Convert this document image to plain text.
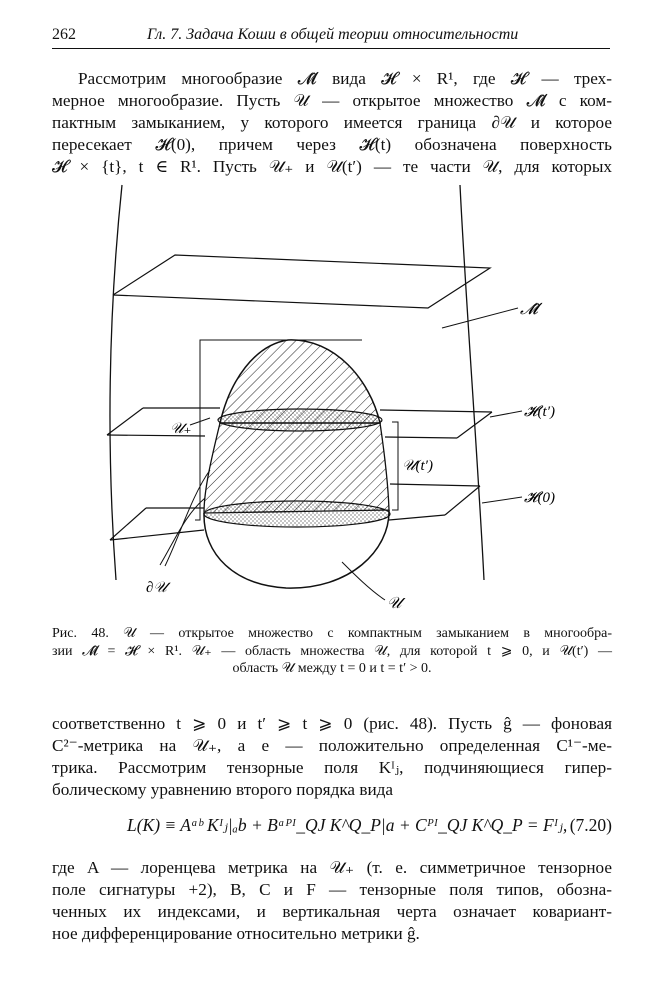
262	Гл. 7. Задача Коши в общей теории относительности
Рассмотрим многообразие 𝓜̂ вида 𝓗 × R¹, где 𝓗 — трех-
мерное многообразие. Пусть 𝒰 — открытое множество 𝓜̂ с ком-
пактным замыканием, у которого имеется граница ∂𝒰 и которое
пересекает 𝓗(0), причем через 𝓗(t) обозначена поверхность
𝓗 × {t}, t ∈ R¹. Пусть 𝒰₊ и 𝒰(t′) — те части 𝒰, для которых
𝓜̂
𝓗(t′)
𝓗(0)
𝒰(t′)
𝒰₊
∂𝒰
𝒰
Рис. 48. 𝒰 — открытое множество с компактным замыканием в многообра-
зии 𝓜̂ = 𝓗 × R¹. 𝒰₊ — область множества 𝒰, для которой t ⩾ 0, и 𝒰(t′) —
область 𝒰 между t = 0 и t = t′ > 0.
соответственно t ⩾ 0 и t′ ⩾ t ⩾ 0 (рис. 48). Пусть ĝ — фоновая
C²⁻-метрика на 𝒰₊, а e — положительно определенная C¹⁻-ме-
трика. Рассмотрим тензорные поля Kᴵⱼ, подчиняющиеся гипер-
болическому уравнению второго порядка вида
L(K) ≡ Aᵃᵇ Kᴵⱼ|ₐb + Bᵃᴾᴵ_QJ K^Q_P|a + Cᴾᴵ_QJ K^Q_P = Fᴵⱼ, (7.20)
где A — лоренцева метрика на 𝒰₊ (т. е. симметричное тензорное
поле сигнатуры +2), B, C и F — тензорные поля типов, обозна-
ченных их индексами, и вертикальная черта означает ковариант-
ное дифференцирование относительно метрики ĝ.
